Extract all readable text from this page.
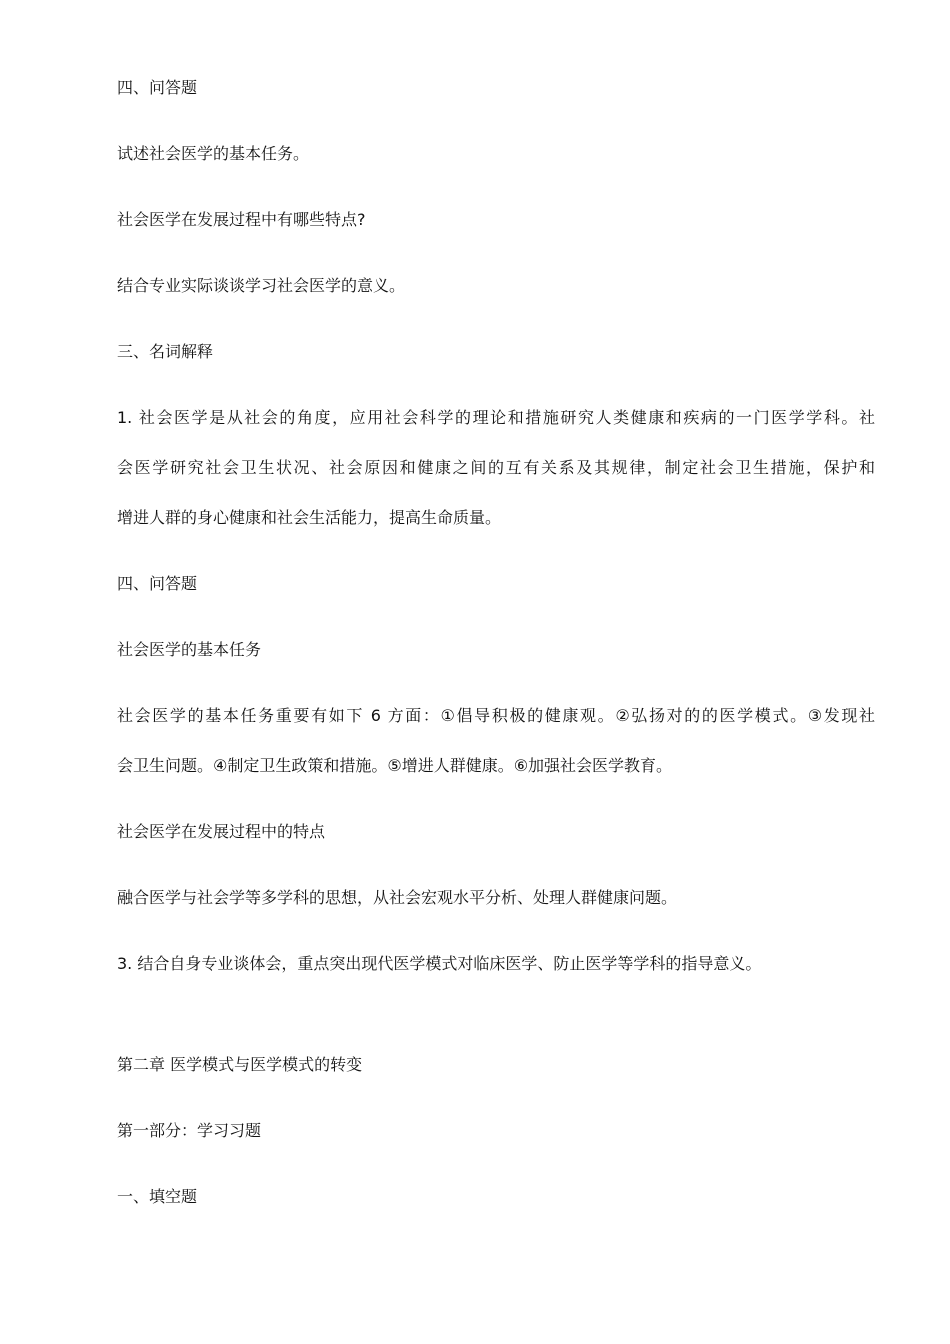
四、问答题
试述社会医学的基本任务。
社会医学在发展过程中有哪些特点?
结合专业实际谈谈学习社会医学的意义。
三、名词解释
1. 社会医学是从社会的角度，应用社会科学的理论和措施研究人类健康和疾病的一门医学学科。社
会医学研究社会卫生状况、社会原因和健康之间的互有关系及其规律，制定社会卫生措施，保护和
增进人群的身心健康和社会生活能力，提高生命质量。
四、问答题
社会医学的基本任务
社会医学的基本任务重要有如下 6 方面：①倡导积极的健康观。②弘扬对的的医学模式。③发现社
会卫生问题。④制定卫生政策和措施。⑤增进人群健康。⑥加强社会医学教育。
社会医学在发展过程中的特点
融合医学与社会学等多学科的思想，从社会宏观水平分析、处理人群健康问题。
3. 结合自身专业谈体会，重点突出现代医学模式对临床医学、防止医学等学科的指导意义。
第二章 医学模式与医学模式的转变
第一部分：学习习题
一、填空题
